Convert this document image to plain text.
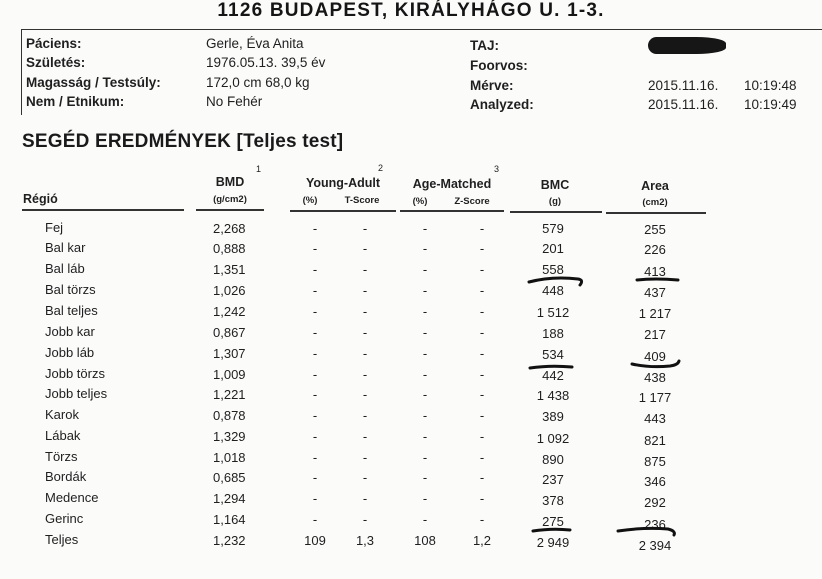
1126 BUDAPEST, KIRÁLYHÁGO U. 1-3.
Páciens:	Gerle, Éva Anita
Születés:	1976.05.13. 39,5 év
Magasság / Testsúly:	172,0 cm 68,0 kg
Nem / Etnikum:	No Fehér
TAJ:
Foorvos:
Mérve:	2015.11.16. 10:19:48
Analyzed:	2015.11.16. 10:19:49
SEGÉD EREDMÉNYEK [Teljes test]
1	2	3
BMD	Young-Adult	Age-Matched	BMC	Area
Régió	(g/cm2)	(%)	T-Score	(%)	Z-Score	(g)	(cm2)
Fej	2,268	-	-	-	-	579	255
Bal kar	0,888	-	-	-	-	201	226
Bal láb	1,351	-	-	-	-	558	413
Bal törzs	1,026	-	-	-	-	448	437
Bal teljes	1,242	-	-	-	-	1 512	1 217
Jobb kar	0,867	-	-	-	-	188	217
Jobb láb	1,307	-	-	-	-	534	409
Jobb törzs	1,009	-	-	-	-	442	438
Jobb teljes	1,221	-	-	-	-	1 438	1 177
Karok	0,878	-	-	-	-	389	443
Lábak	1,329	-	-	-	-	1 092	821
Törzs	1,018	-	-	-	-	890	875
Bordák	0,685	-	-	-	-	237	346
Medence	1,294	-	-	-	-	378	292
Gerinc	1,164	-	-	-	-	275	236
Teljes	1,232	109	1,3	108	1,2	2 949	2 394
